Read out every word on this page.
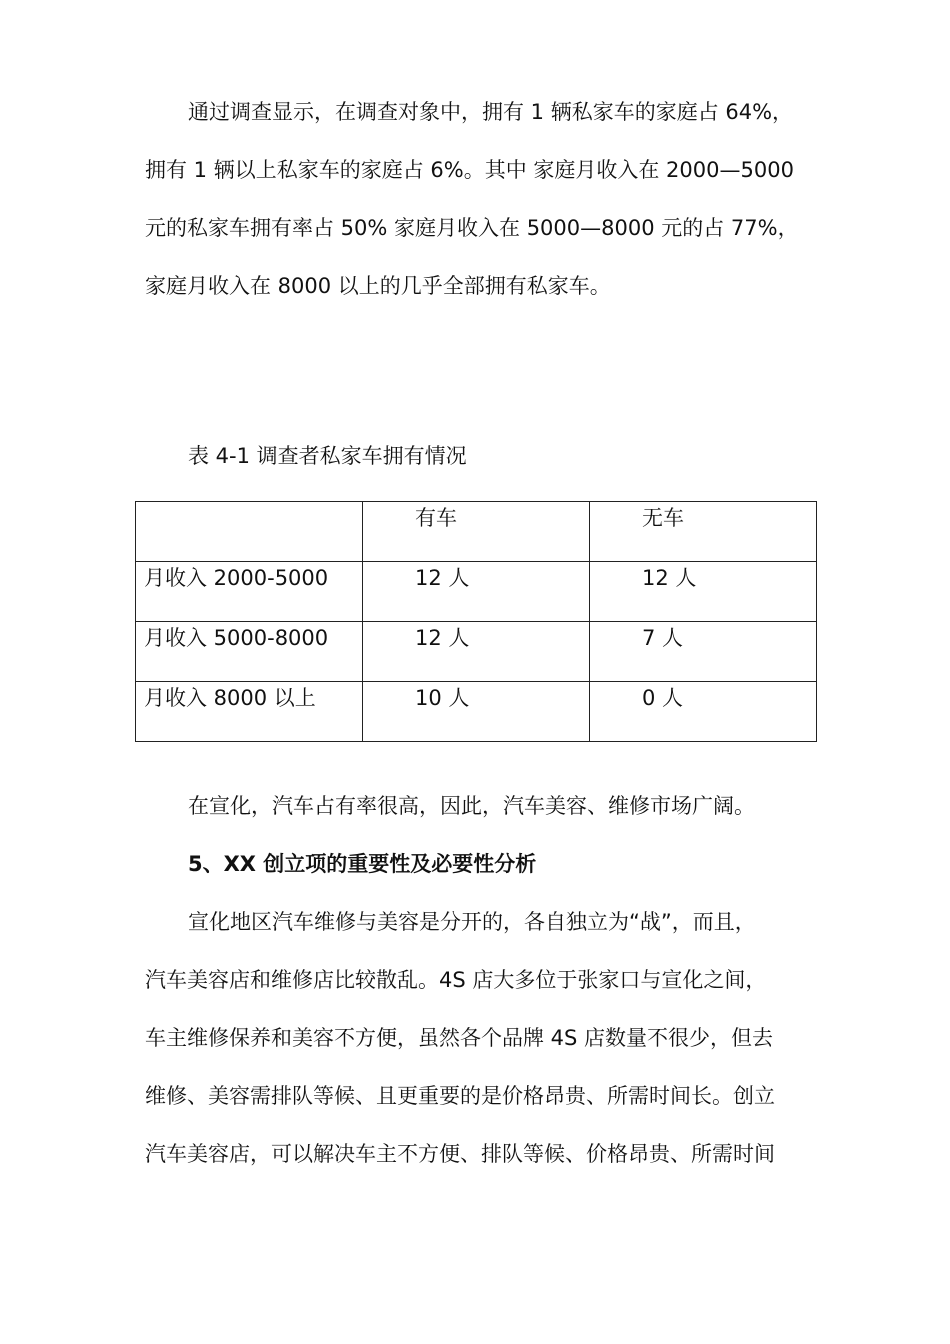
通过调查显示，在调查对象中，拥有 1 辆私家车的家庭占 64%，
拥有 1 辆以上私家车的家庭占 6%。其中 家庭月收入在 2000—5000
元的私家车拥有率占 50% 家庭月收入在 5000—8000 元的占 77%，
家庭月收入在 8000 以上的几乎全部拥有私家车。
表 4-1 调查者私家车拥有情况
	有车	无车
月收入 2000-5000	12 人	12 人
月收入 5000-8000	12 人	7 人
月收入 8000 以上	10 人	0 人
在宣化，汽车占有率很高，因此，汽车美容、维修市场广阔。
5、XX 创立项的重要性及必要性分析
宣化地区汽车维修与美容是分开的，各自独立为“战”，而且，
汽车美容店和维修店比较散乱。4S 店大多位于张家口与宣化之间，
车主维修保养和美容不方便，虽然各个品牌 4S 店数量不很少，但去
维修、美容需排队等候、且更重要的是价格昂贵、所需时间长。创立
汽车美容店，可以解决车主不方便、排队等候、价格昂贵、所需时间
